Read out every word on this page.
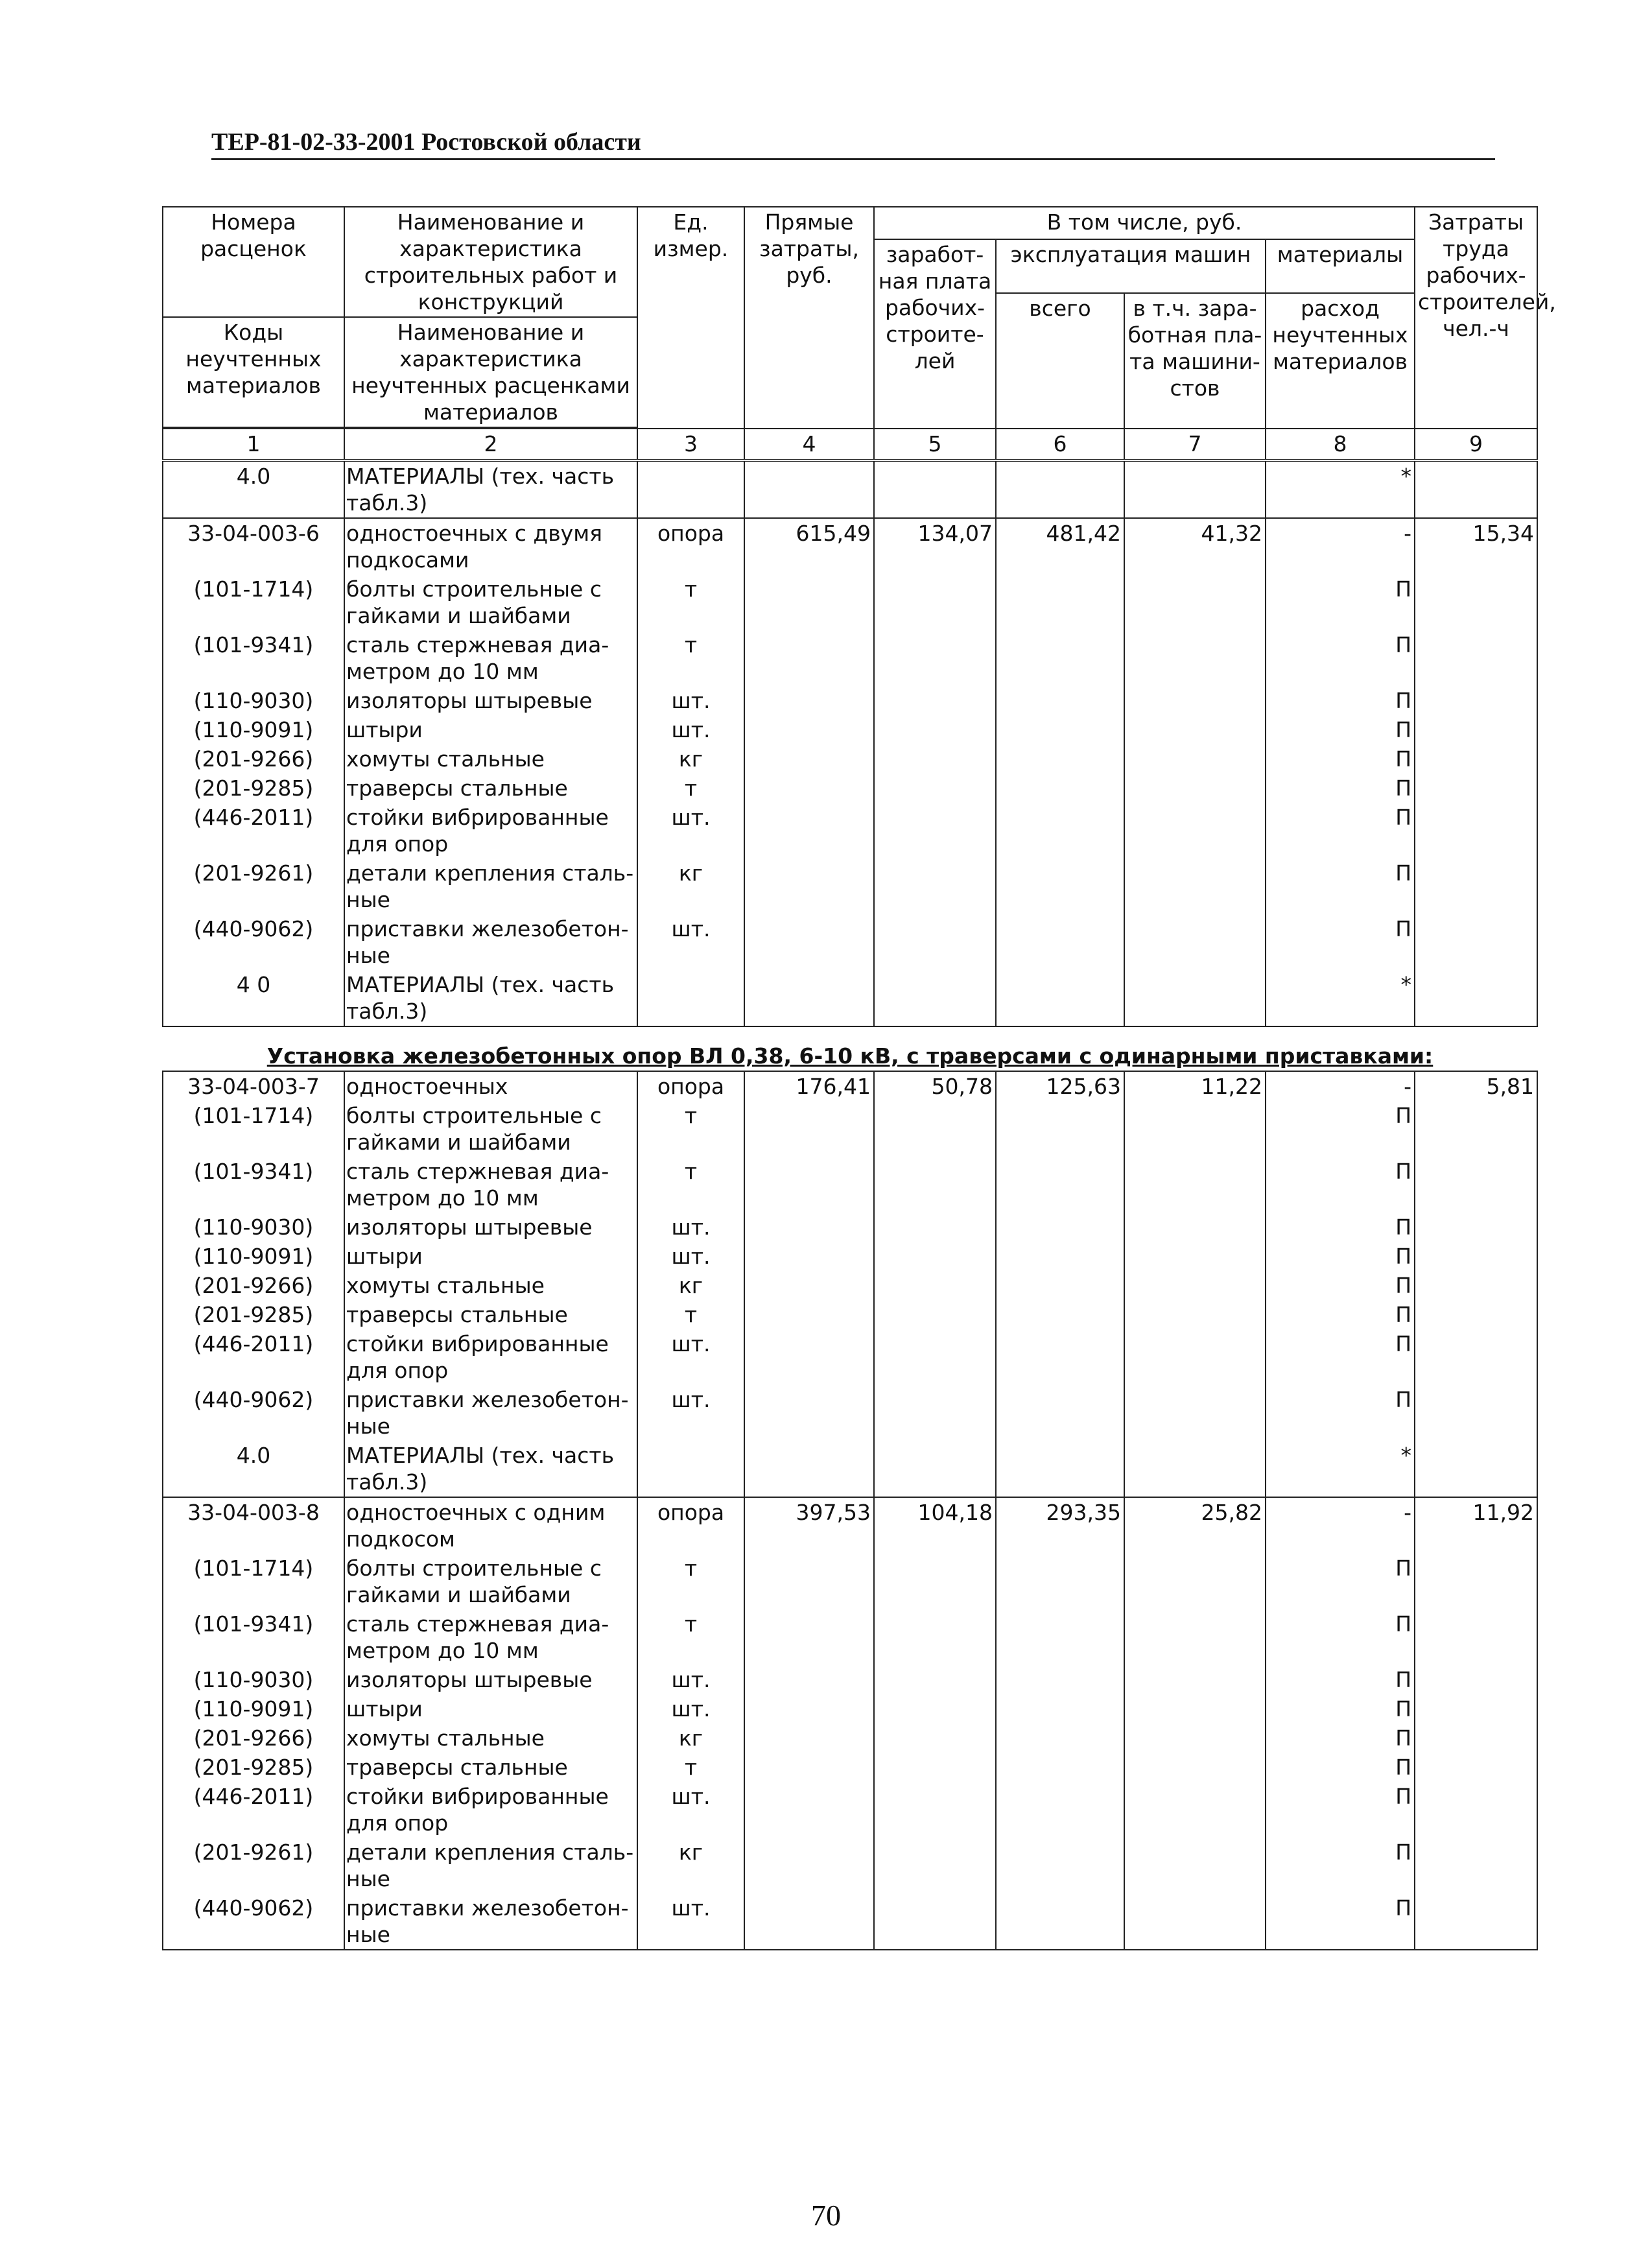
ТЕР-81-02-33-2001 Ростовской области
Номера расценок	Наименование и характеристика строительных работ и конструкций	Ед. измер.	Прямые затраты, руб.	В том числе, руб.				Затраты труда рабочих-строителей, чел.-ч
				заработ-ная плата рабочих-строите-лей	эксплуатация машин		материалы	
					всего	в т.ч. зара-ботная пла-та машини-стов	расход неучтенных материалов	
Коды неучтенных материалов	Наименование и характеристика неучтенных расценками материалов							

1	2	3	4	5	6	7	8	9
4.0	МАТЕРИАЛЫ (тех. часть табл.3)						*	
33-04-003-6	одностоечных с двумя подкосами	опора	615,49	134,07	481,42	41,32	-	15,34
(101-1714)	болты строительные с гайками и шайбами	т					П	
(101-9341)	сталь стержневая диа-метром до 10 мм	т					П	
(110-9030)	изоляторы штыревые	шт.					П	
(110-9091)	штыри	шт.					П	
(201-9266)	хомуты стальные	кг					П	
(201-9285)	траверсы стальные	т					П	
(446-2011)	стойки вибрированные для опор	шт.					П	
(201-9261)	детали крепления сталь-ные	кг					П	
(440-9062)	приставки железобетон-ные	шт.					П	
4 0	МАТЕРИАЛЫ (тех. часть табл.3)						*	
Установка железобетонных опор ВЛ 0,38, 6-10 кВ, с траверсами с одинарными приставками:								
33-04-003-7	одностоечных	опора	176,41	50,78	125,63	11,22	-	5,81
(101-1714)	болты строительные с гайками и шайбами	т					П	
(101-9341)	сталь стержневая диа-метром до 10 мм	т					П	
(110-9030)	изоляторы штыревые	шт.					П	
(110-9091)	штыри	шт.					П	
(201-9266)	хомуты стальные	кг					П	
(201-9285)	траверсы стальные	т					П	
(446-2011)	стойки вибрированные для опор	шт.					П	
(440-9062)	приставки железобетон-ные	шт.					П	
4.0	МАТЕРИАЛЫ (тех. часть табл.3)						*	
33-04-003-8	одностоечных с одним подкосом	опора	397,53	104,18	293,35	25,82	-	11,92
(101-1714)	болты строительные с гайками и шайбами	т					П	
(101-9341)	сталь стержневая диа-метром до 10 мм	т					П	
(110-9030)	изоляторы штыревые	шт.					П	
(110-9091)	штыри	шт.					П	
(201-9266)	хомуты стальные	кг					П	
(201-9285)	траверсы стальные	т					П	
(446-2011)	стойки вибрированные для опор	шт.					П	
(201-9261)	детали крепления сталь-ные	кг					П	
(440-9062)	приставки железобетон-ные	шт.					П	
70
